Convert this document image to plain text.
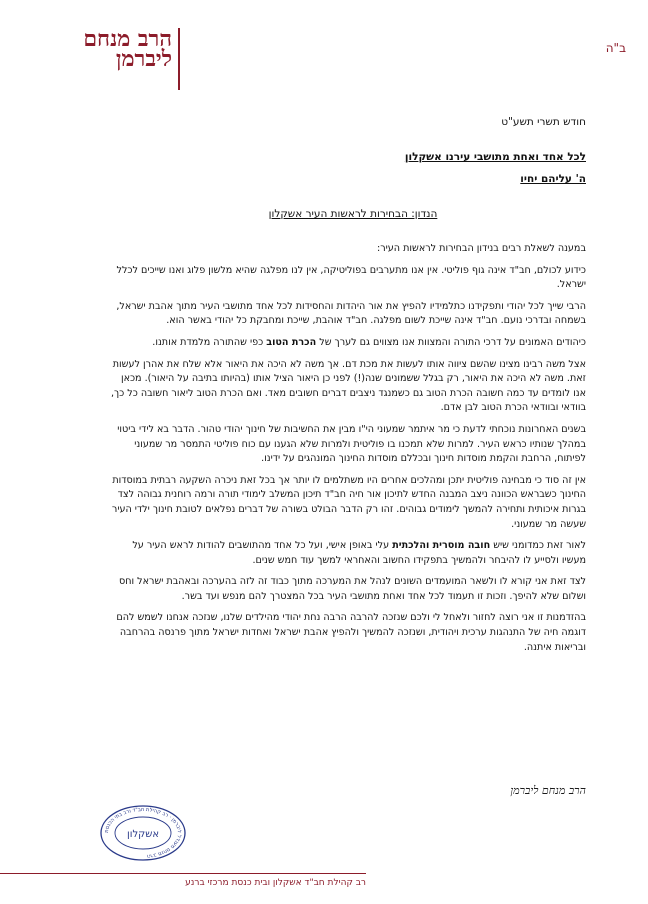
ב"ה
הרב מנחם
ליברמן
חודש תשרי תשע"ט
לכל אחד ואחת מתושבי עירנו אשקלון
ה' עליהם יחיו
הנדון: הבחירות לראשות העיר אשקלון

במענה לשאלת רבים בנידון הבחירות לראשות העיר:

כידוע לכולם, חב"ד אינה גוף פוליטי. אין אנו מתערבים בפוליטיקה, אין לנו מפלגה שהיא מלשון פלוג ואנו שייכים לכלל ישראל.

הרבי שייך לכל יהודי ותפקידנו כתלמידיו להפיץ את אור היהדות והחסידות לכל אחד מתושבי העיר מתוך אהבת ישראל, בשמחה ובדרכי נועם. חב"ד אינה שייכת לשום מפלגה. חב"ד אוהבת, שייכת ומחבקת כל יהודי באשר הוא.

כיהודים האמונים על דרכי התורה והמצוות אנו מצווים גם לערך של הכרת הטוב כפי שהתורה מלמדת אותנו.

אצל משה רבינו מצינו שהשם ציווה אותו לעשות את מכת דם. אך משה לא היכה את היאור אלא שלח את אהרן לעשות זאת. משה לא היכה את היאור, רק בגלל ששמונים שנה(!) לפני כן היאור הציל אותו (בהיותו בתיבה על היאור). מכאן אנו לומדים עד כמה חשובה הכרת הטוב גם כשמנגד ניצבים דברים חשובים מאד. ואם הכרת הטוב ליאור חשובה כל כך, בוודאי ובוודאי הכרת הטוב לבן אדם.

בשנים האחרונות נוכחתי לדעת כי מר איתמר שמעוני הי"ו מבין את החשיבות של חינוך יהודי טהור. הדבר בא לידי ביטוי במהלך שנותיו כראש העיר. למרות שלא תמכנו בו פוליטית ולמרות שלא הגענו עם כוח פוליטי התמסר מר שמעוני לפיתוח, הרחבת והקמת מוסדות חינוך ובכללם מוסדות החינוך המונהגים על ידינו.

אין זה סוד כי מבחינה פוליטית יתכן ומהלכים אחרים היו משתלמים לו יותר אך בכל זאת ניכרה השקעה רבתית במוסדות החינוך כשבראש הכוונה ניצב המבנה החדש לתיכון אור חיה חב"ד תיכון המשלב לימודי תורה ורמה רוחנית גבוהה לצד בגרות איכותית ותחירה להמשך לימודים גבוהים. זהו רק הדבר הבולט בשורה של דברים נפלאים לטובת חינוך ילדי העיר שעשה מר שמעוני.

לאור זאת כמדומני שיש חובה מוסרית והלכתית עלי באופן אישי, ועל כל אחד מהתושבים להודות לראש העיר על מעשיו ולסייע לו להיבחר ולהמשיך בתפקידו החשוב והאחראי למשך עוד חמש שנים.

לצד זאת אני קורא לו ולשאר המועמדים השונים לנהל את המערכה מתוך כבוד זה לזה בהערכה ובאהבת ישראל וחס ושלום שלא להיפך. וזכות זו תעמוד לכל אחד ואחת מתושבי העיר בכל המצטרך להם מנפש ועד בשר.

בהזדמנות זו אני רוצה לחזור ולאחל לי ולכם שנזכה להרבה הרבה נחת יהודי מהילדים שלנו, שנזכה אנחנו לשמש להם דוגמה חיה של התנהגות ערכית ויהודית, ושנזכה להמשיך ולהפיץ אהבת ישראל ואחדות ישראל מתוך פרנסה בהרחבה ובריאות איתנה.

הרב מנחם ליברמן
הרב מנחם מענדל ליברמן · רב קהילת חב"ד ורב בתי הכנסת
אשקלון
רב קהילת חב"ד אשקלון ובית כנסת מרכזי ברנע
